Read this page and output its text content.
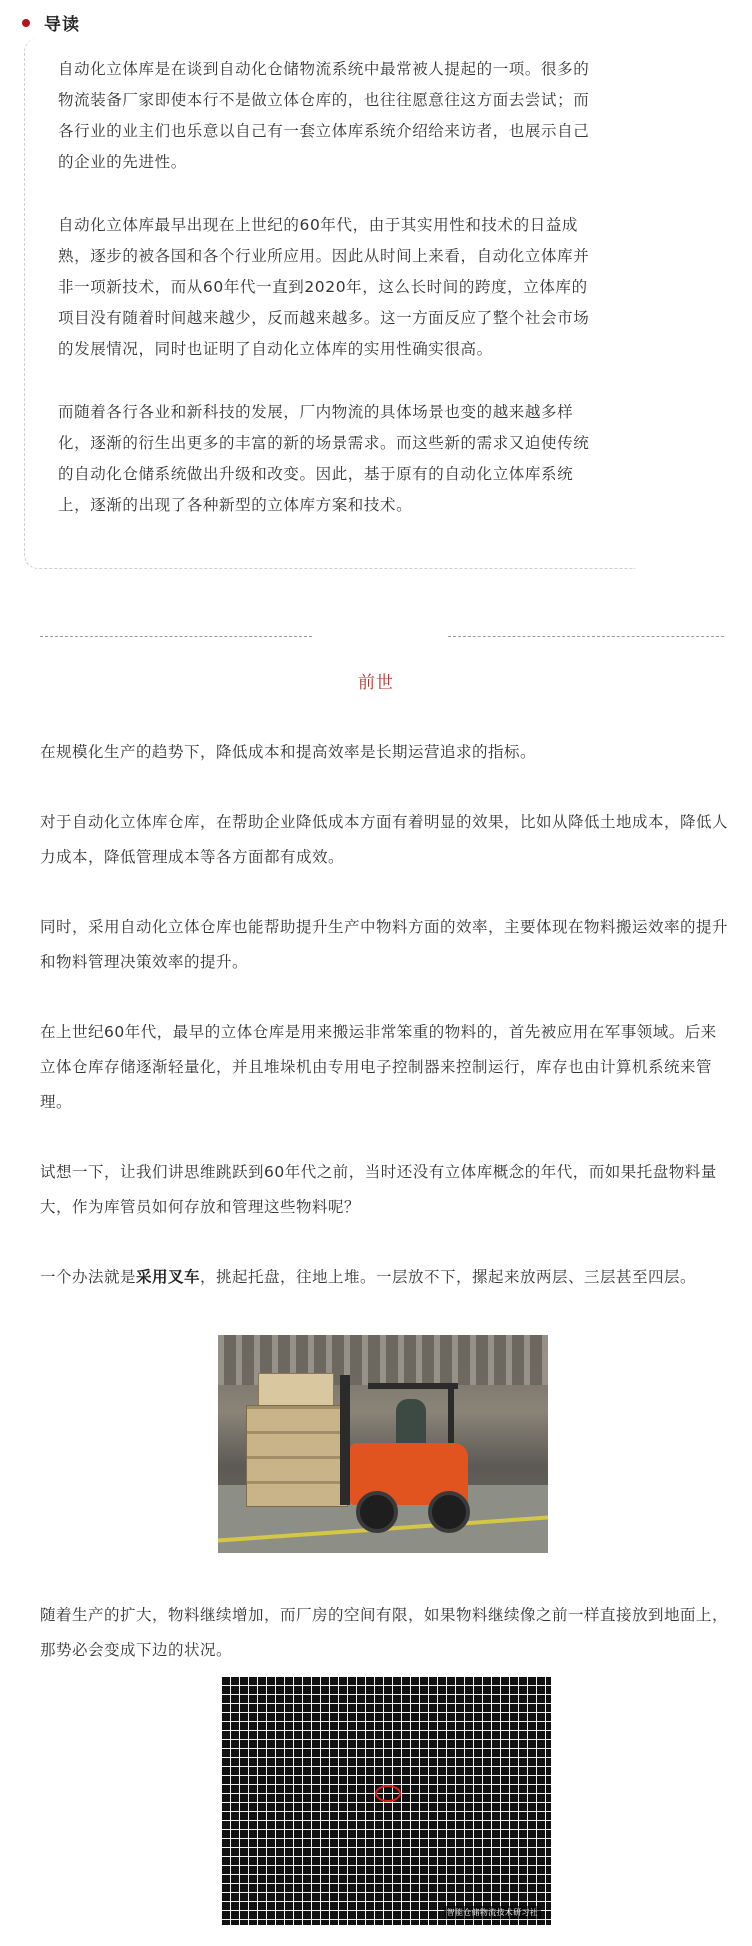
导读

自动化立体库是在谈到自动化仓储物流系统中最常被人提起的一项。很多的物流装备厂家即使本行不是做立体仓库的，也往往愿意往这方面去尝试；而各行业的业主们也乐意以自己有一套立体库系统介绍给来访者，也展示自己的企业的先进性。

自动化立体库最早出现在上世纪的60年代，由于其实用性和技术的日益成熟，逐步的被各国和各个行业所应用。因此从时间上来看，自动化立体库并非一项新技术，而从60年代一直到2020年，这么长时间的跨度，立体库的项目没有随着时间越来越少，反而越来越多。这一方面反应了整个社会市场的发展情况，同时也证明了自动化立体库的实用性确实很高。

而随着各行各业和新科技的发展，厂内物流的具体场景也变的越来越多样化，逐渐的衍生出更多的丰富的新的场景需求。而这些新的需求又迫使传统的自动化仓储系统做出升级和改变。因此，基于原有的自动化立体库系统上，逐渐的出现了各种新型的立体库方案和技术。

前世

在规模化生产的趋势下，降低成本和提高效率是长期运营追求的指标。

对于自动化立体库仓库，在帮助企业降低成本方面有着明显的效果，比如从降低土地成本，降低人力成本，降低管理成本等各方面都有成效。

同时，采用自动化立体仓库也能帮助提升生产中物料方面的效率，主要体现在物料搬运效率的提升和物料管理决策效率的提升。

在上世纪60年代，最早的立体仓库是用来搬运非常笨重的物料的，首先被应用在军事领域。后来立体仓库存储逐渐轻量化，并且堆垛机由专用电子控制器来控制运行，库存也由计算机系统来管理。

试想一下，让我们讲思维跳跃到60年代之前，当时还没有立体库概念的年代，而如果托盘物料量大，作为库管员如何存放和管理这些物料呢？

一个办法就是采用叉车，挑起托盘，往地上堆。一层放不下，摞起来放两层、三层甚至四层。

随着生产的扩大，物料继续增加，而厂房的空间有限，如果物料继续像之前一样直接放到地面上，那势必会变成下边的状况。

智能仓储物流技术研习社
